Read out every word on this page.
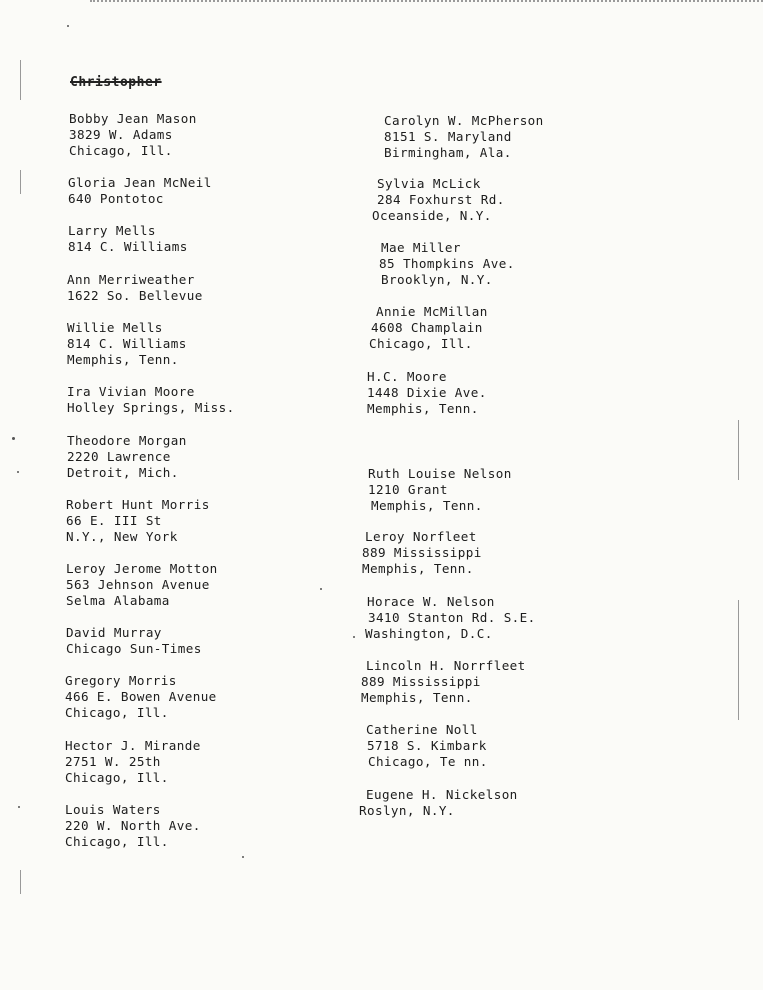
Christopher
Bobby Jean Mason
3829 W. Adams
Chicago, Ill.
Gloria Jean McNeil
640 Pontotoc
Larry Mells
814 C. Williams
Ann Merriweather
1622 So. Bellevue
Willie Mells
814 C. Williams
Memphis, Tenn.
Ira Vivian Moore
Holley Springs, Miss.
Theodore Morgan
2220 Lawrence
Detroit, Mich.
Robert Hunt Morris
66 E. III St
N.Y., New York
Leroy Jerome Motton
563 Jehnson Avenue
Selma Alabama
David Murray
Chicago Sun-Times
Gregory Morris
466 E. Bowen Avenue
Chicago, Ill.
Hector J. Mirande
2751 W. 25th
Chicago, Ill.
Louis Waters
220 W. North Ave.
Chicago, Ill.
Carolyn W. McPherson
8151 S. Maryland
Birmingham, Ala.
Sylvia McLick
284 Foxhurst Rd.
Oceanside, N.Y.
Mae Miller
85 Thompkins Ave.
Brooklyn, N.Y.
Annie McMillan
4608 Champlain
Chicago, Ill.
H.C. Moore
1448 Dixie Ave.
Memphis, Tenn.
Ruth Louise Nelson
1210 Grant
Memphis, Tenn.
Leroy Norfleet
889 Mississippi
Memphis, Tenn.
Horace W. Nelson
3410 Stanton Rd. S.E.
Washington, D.C.
Lincoln H. Norrfleet
889 Mississippi
Memphis, Tenn.
Catherine Noll
5718 S. Kimbark
Chicago, Te nn.
Eugene H. Nickelson
Roslyn, N.Y.
